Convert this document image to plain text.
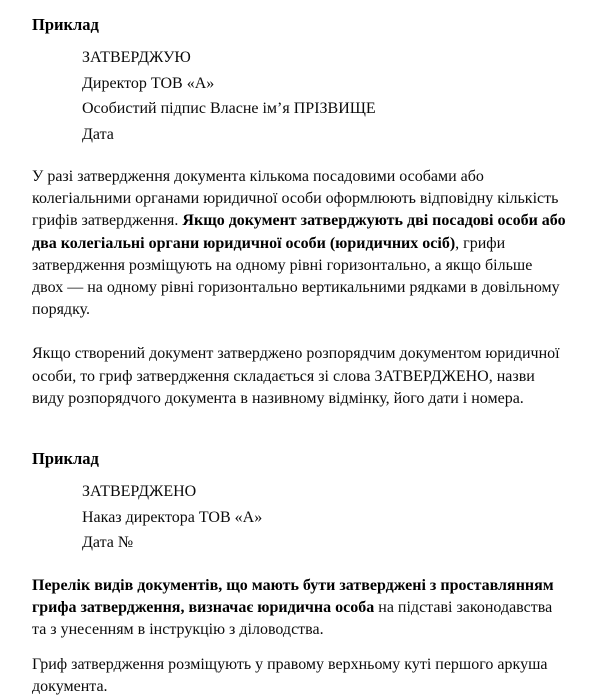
Приклад

ЗАТВЕРДЖУЮ

Директор ТОВ «А»

Особистий підпис Власне ім’я ПРІЗВИЩЕ

Дата

У разі затвердження документа кількома посадовими особами або колегіальними органами юридичної особи оформлюють відповідну кількість грифів затвердження. Якщо документ затверджують дві посадові особи або два колегіальні органи юридичної особи (юридичних осіб), грифи затвердження розміщують на одному рівні горизонтально, а якщо більше двох — на одному рівні горизонтально вертикальними рядками в довільному порядку.

Якщо створений документ затверджено розпорядчим документом юридичної особи, то гриф затвердження складається зі слова ЗАТВЕРДЖЕНО, назви виду розпорядчого документа в називному відмінку, його дати і номера.

Приклад

ЗАТВЕРДЖЕНО

Наказ директора ТОВ «А»

Дата №

Перелік видів документів, що мають бути затверджені з проставлянням грифа затвердження, визначає юридична особа на підставі законодавства та з унесенням в інструкцію з діловодства.

Гриф затвердження розміщують у правому верхньому куті першого аркуша документа.
